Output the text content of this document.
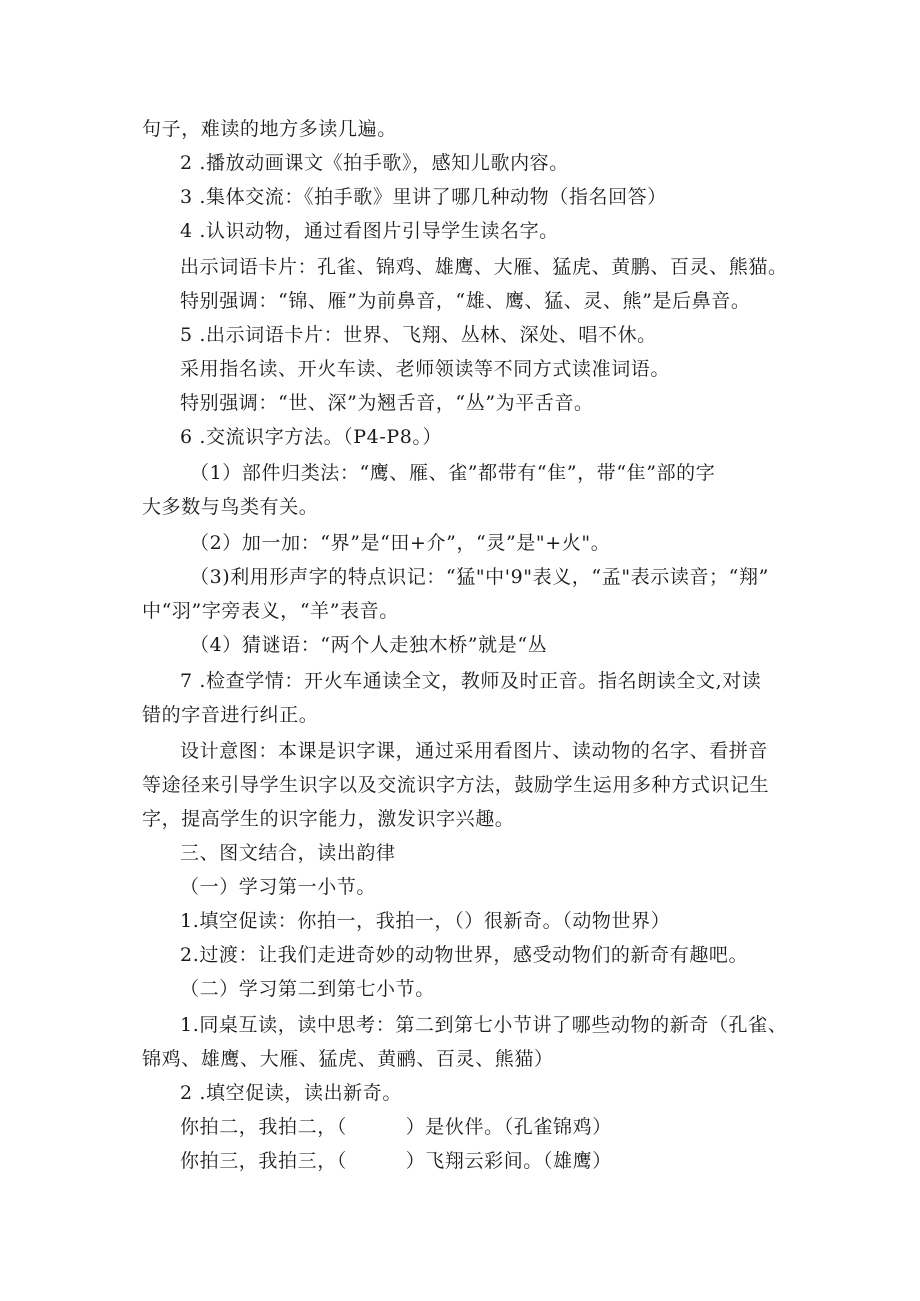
句子，难读的地方多读几遍。
2 .播放动画课文《拍手歌》，感知儿歌内容。
3 .集体交流：《拍手歌》里讲了哪几种动物（指名回答）
4 .认识动物，通过看图片引导学生读名字。
出示词语卡片：孔雀、锦鸡、雄鹰、大雁、猛虎、黄鹏、百灵、熊猫。
特别强调：“锦、雁”为前鼻音，“雄、鹰、猛、灵、熊”是后鼻音。
5 .出示词语卡片：世界、飞翔、丛林、深处、唱不休。
采用指名读、开火车读、老师领读等不同方式读准词语。
特别强调：“世、深”为翘舌音，“丛”为平舌音。
6 .交流识字方法。（P4-P8。）
（1）部件归类法：“鹰、雁、雀”都带有“隹”，带“隹”部的字
大多数与鸟类有关。
（2）加一加：“界”是“田+介”，“灵”是"+火"。
（3)利用形声字的特点识记：“猛"中'9"表义，“孟"表示读音；“翔”
中“羽”字旁表义，“羊”表音。
（4）猜谜语：“两个人走独木桥”就是“丛
7 .检查学情：开火车通读全文，教师及时正音。指名朗读全文,对读
错的字音进行纠正。
设计意图：本课是识字课，通过采用看图片、读动物的名字、看拼音
等途径来引导学生识字以及交流识字方法，鼓励学生运用多种方式识记生
字，提高学生的识字能力，激发识字兴趣。
三、图文结合，读出韵律
（一）学习第一小节。
1.填空促读：你拍一，我拍一，（）很新奇。（动物世界）
2.过渡：让我们走进奇妙的动物世界，感受动物们的新奇有趣吧。
（二）学习第二到第七小节。
1.同桌互读，读中思考：第二到第七小节讲了哪些动物的新奇（孔雀、
锦鸡、雄鹰、大雁、猛虎、黄鹂、百灵、熊猫）
2 .填空促读，读出新奇。
你拍二，我拍二，（　　　）是伙伴。（孔雀锦鸡）
你拍三，我拍三，（　　　）飞翔云彩间。（雄鹰）
